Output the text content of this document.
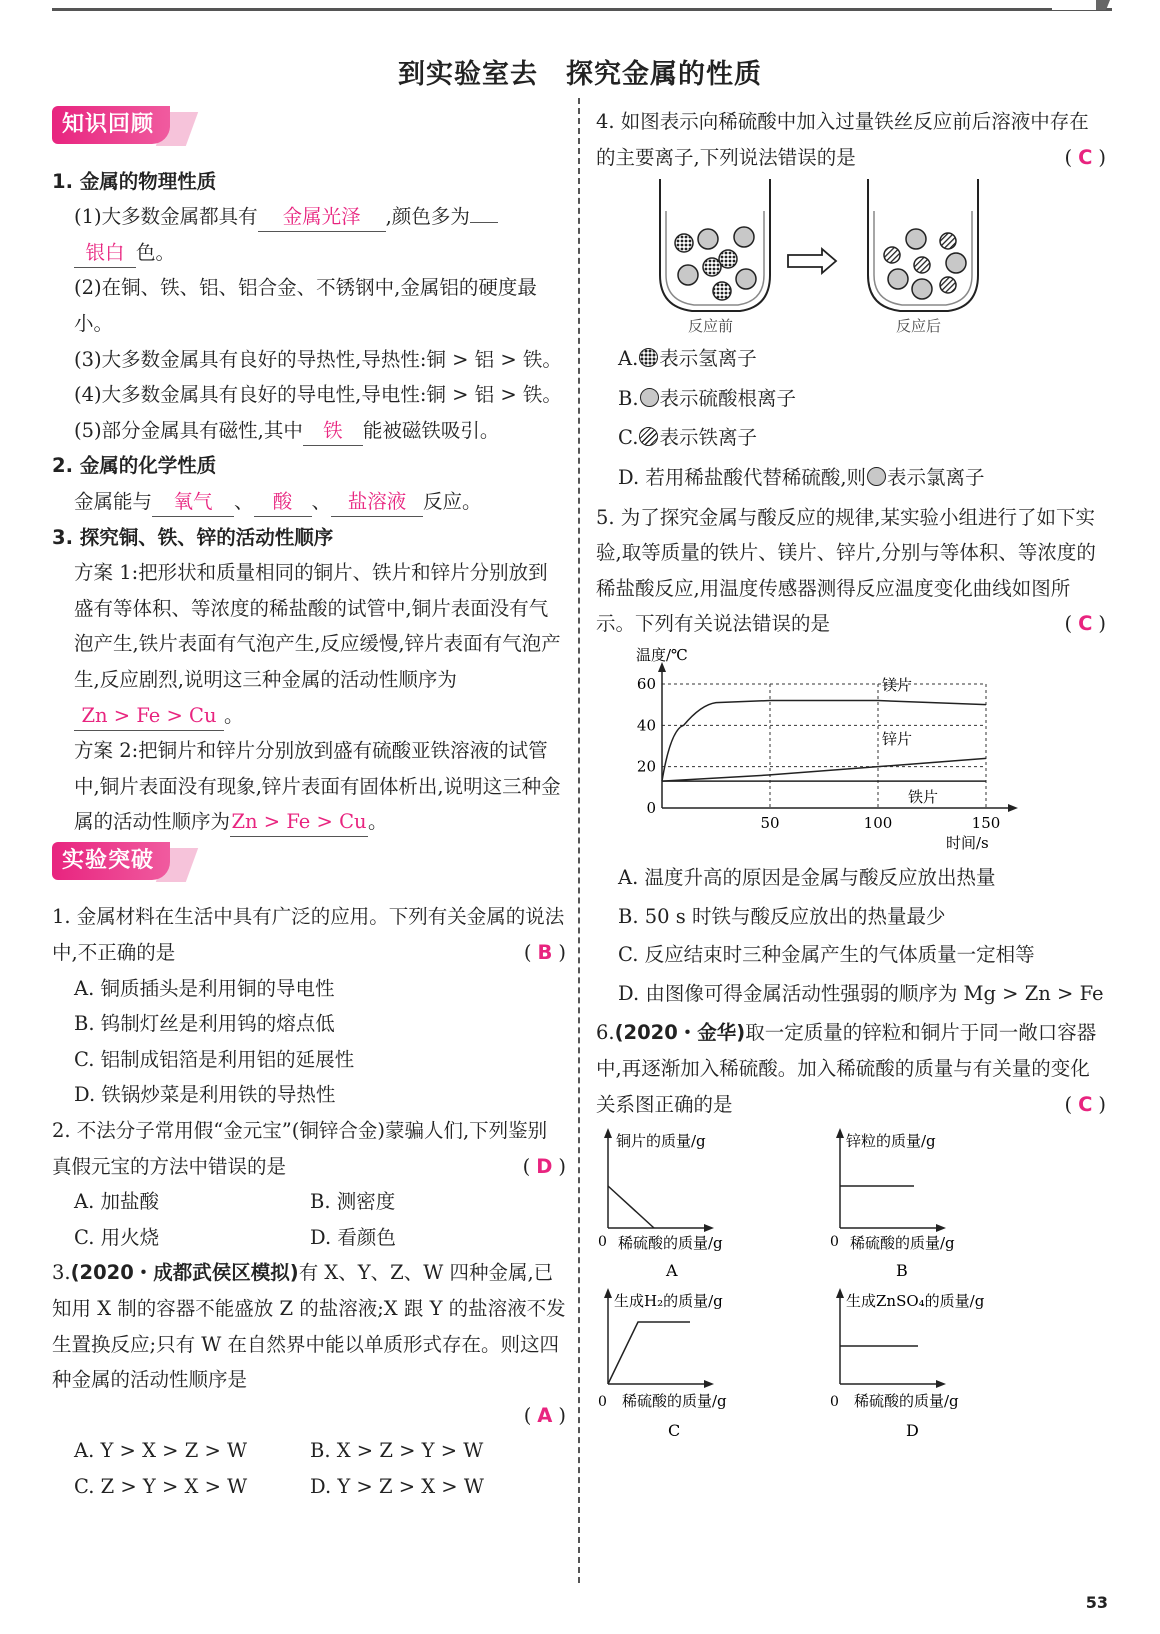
到实验室去　探究金属的性质
知识回顾
1. 金属的物理性质
(1)大多数金属都具有 金属光泽 ,颜色多为
银白 色。
(2)在铜、铁、铝、铝合金、不锈钢中,金属铝的硬度最小。
(3)大多数金属具有良好的导热性,导热性:铜 > 铝 > 铁。
(4)大多数金属具有良好的导电性,导电性:铜 > 铝 > 铁。
(5)部分金属具有磁性,其中 铁 能被磁铁吸引。
2. 金属的化学性质
金属能与 氧气 、 酸 、 盐溶液 反应。
3. 探究铜、铁、锌的活动性顺序
方案 1:把形状和质量相同的铜片、铁片和锌片分别放到盛有等体积、等浓度的稀盐酸的试管中,铜片表面没有气泡产生,铁片表面有气泡产生,反应缓慢,锌片表面有气泡产生,反应剧烈,说明这三种金属的活动性顺序为Zn > Fe > Cu 。
方案 2:把铜片和锌片分别放到盛有硫酸亚铁溶液的试管中,铜片表面没有现象,锌片表面有固体析出,说明这三种金属的活动性顺序为Zn > Fe > Cu。
实验突破
1. 金属材料在生活中具有广泛的应用。下列有关金属的说法中,不正确的是	( B )
A. 铜质插头是利用铜的导电性
B. 钨制灯丝是利用钨的熔点低
C. 铝制成铝箔是利用铝的延展性
D. 铁锅炒菜是利用铁的导热性
2. 不法分子常用假“金元宝”(铜锌合金)蒙骗人们,下列鉴别真假元宝的方法中错误的是	( D )
A. 加盐酸	B. 测密度
C. 用火烧	D. 看颜色
3.(2020・成都武侯区模拟)有 X、Y、Z、W 四种金属,已知用 X 制的容器不能盛放 Z 的盐溶液;X 跟 Y 的盐溶液不发生置换反应;只有 W 在自然界中能以单质形式存在。则这四种金属的活动性顺序是
( A )
A. Y > X > Z > W	B. X > Z > Y > W
C. Z > Y > X > W	D. Y > Z > X > W
4. 如图表示向稀硫酸中加入过量铁丝反应前后溶液中存在的主要离子,下列说法错误的是	( C )
反应前	反应后
A. 表示氢离子
B. 表示硫酸根离子
C. 表示铁离子
D. 若用稀盐酸代替稀硫酸,则 表示氯离子
5. 为了探究金属与酸反应的规律,某实验小组进行了如下实验,取等质量的铁片、镁片、锌片,分别与等体积、等浓度的稀盐酸反应,用温度传感器测得反应温度变化曲线如图所示。下列有关说法错误的是	( C )
0
20
40
60
50	100	150
温度/℃
时间/s
镁片
锌片
铁片
A. 温度升高的原因是金属与酸反应放出热量
B. 50 s 时铁与酸反应放出的热量最少
C. 反应结束时三种金属产生的气体质量一定相等
D. 由图像可得金属活动性强弱的顺序为 Mg > Zn > Fe
6.(2020・金华)取一定质量的锌粒和铜片于同一敞口容器中,再逐渐加入稀硫酸。加入稀硫酸的质量与有关量的变化关系图正确的是	( C )
铜片的质量/g
0 稀硫酸的质量/g
A
锌粒的质量/g
0 稀硫酸的质量/g
B
生成H₂的质量/g
0 稀硫酸的质量/g
C
生成ZnSO₄的质量/g
0 稀硫酸的质量/g
D
53
